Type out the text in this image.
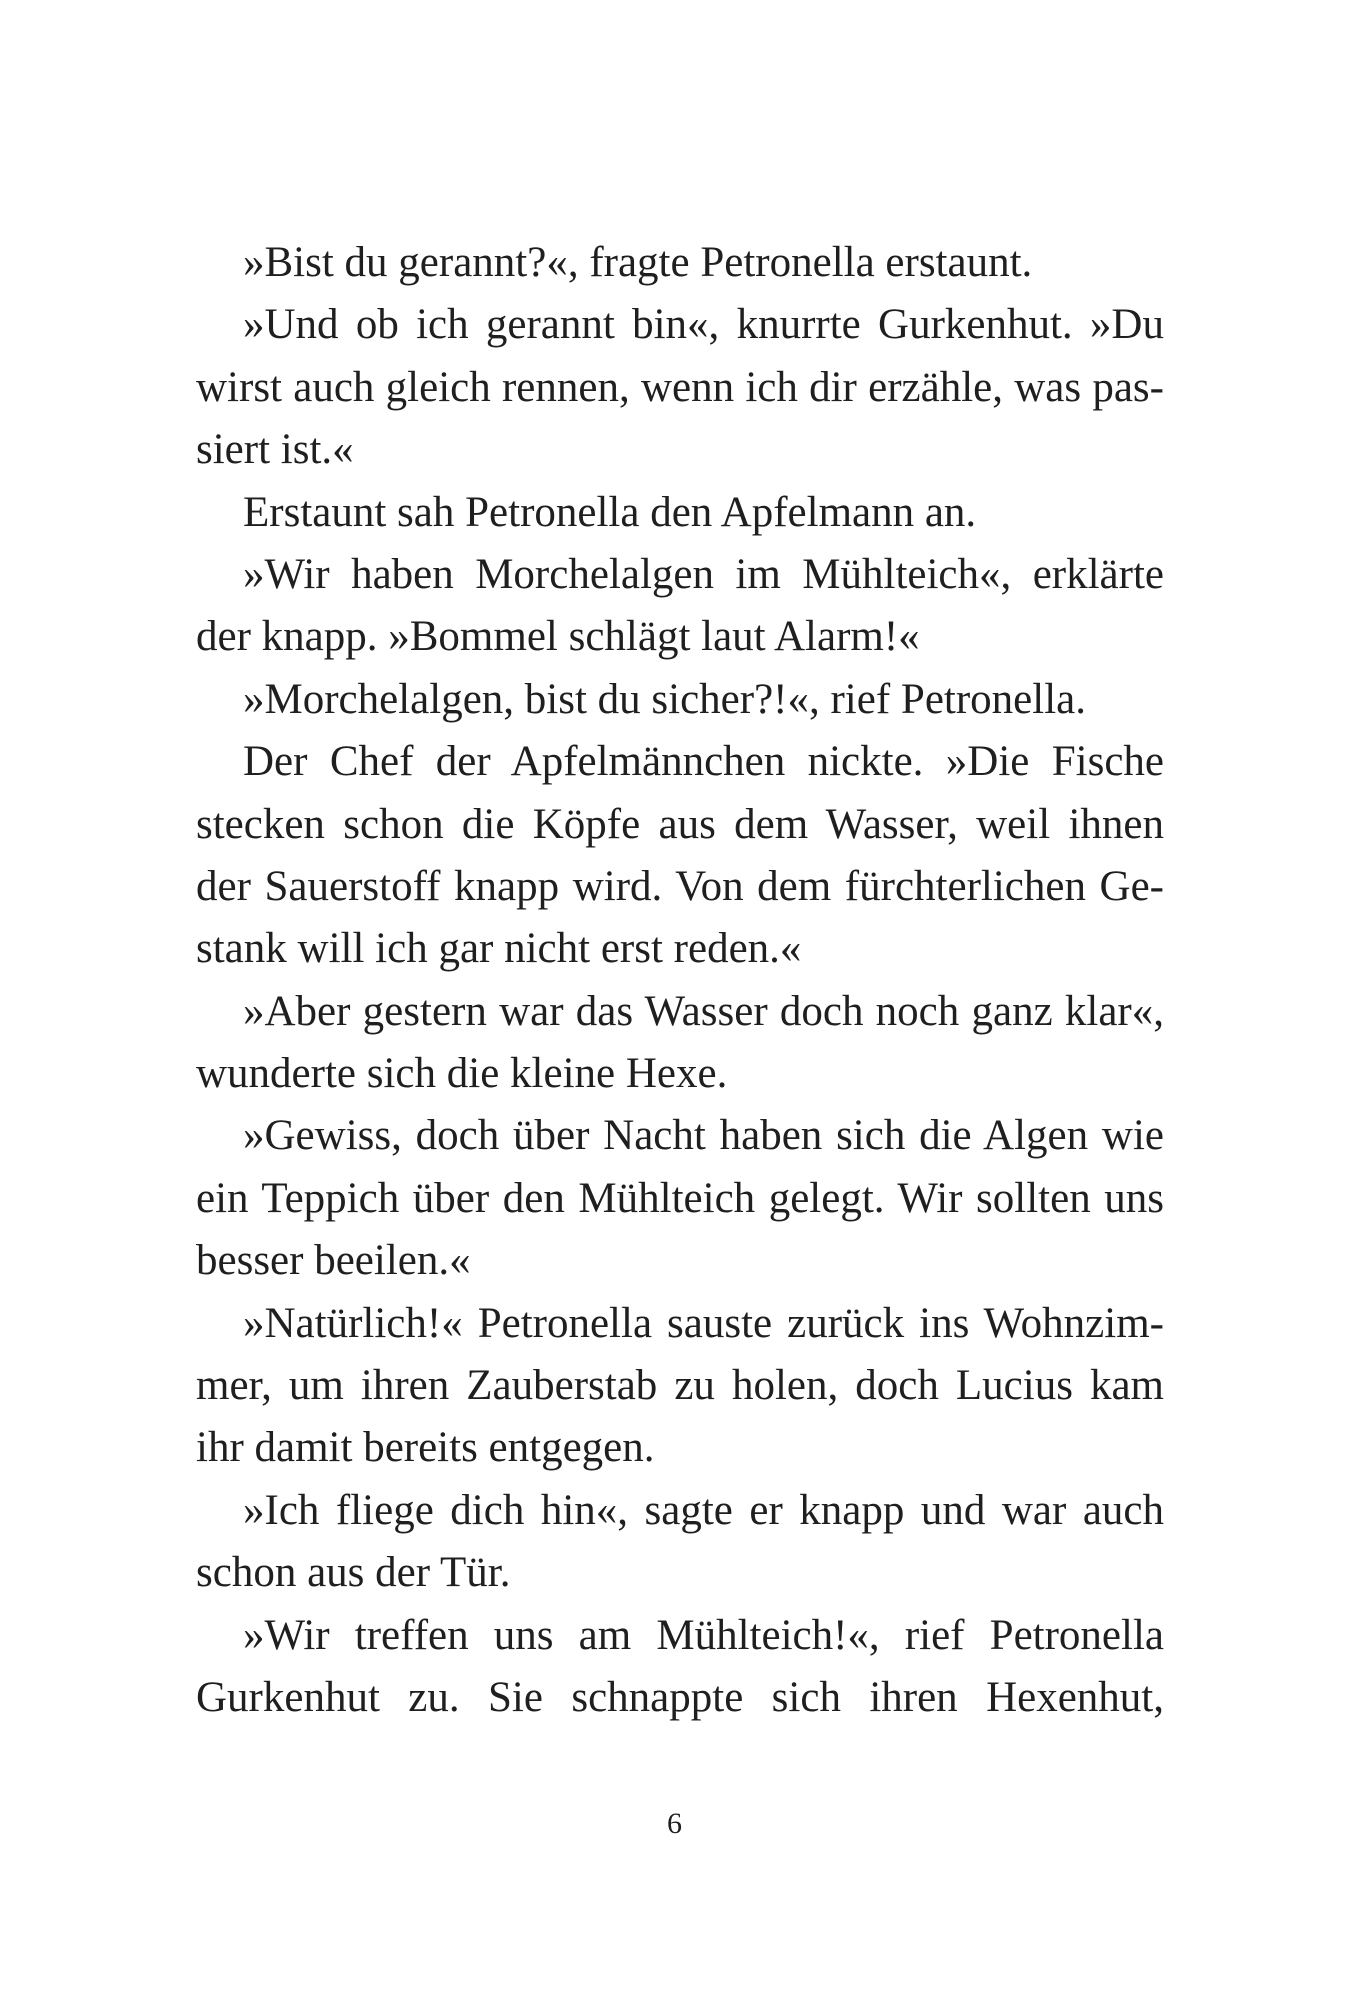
»Bist du gerannt?«, fragte Petronella erstaunt.
»Und ob ich gerannt bin«, knurrte Gurkenhut. »Du
wirst auch gleich rennen, wenn ich dir erzähle, was pas-
siert ist.«
Erstaunt sah Petronella den Apfelmann an.
»Wir haben Morchelalgen im Mühlteich«, erklärte
der knapp. »Bommel schlägt laut Alarm!«
»Morchelalgen, bist du sicher?!«, rief Petronella.
Der Chef der Apfelmännchen nickte. »Die Fische
stecken schon die Köpfe aus dem Wasser, weil ihnen
der Sauerstoff knapp wird. Von dem fürchterlichen Ge-
stank will ich gar nicht erst reden.«
»Aber gestern war das Wasser doch noch ganz klar«,
wunderte sich die kleine Hexe.
»Gewiss, doch über Nacht haben sich die Algen wie
ein Teppich über den Mühlteich gelegt. Wir sollten uns
besser beeilen.«
»Natürlich!« Petronella sauste zurück ins Wohnzim-
mer, um ihren Zauberstab zu holen, doch Lucius kam
ihr damit bereits entgegen.
»Ich fliege dich hin«, sagte er knapp und war auch
schon aus der Tür.
»Wir treffen uns am Mühlteich!«, rief Petronella
Gurkenhut zu. Sie schnappte sich ihren Hexenhut,
6
